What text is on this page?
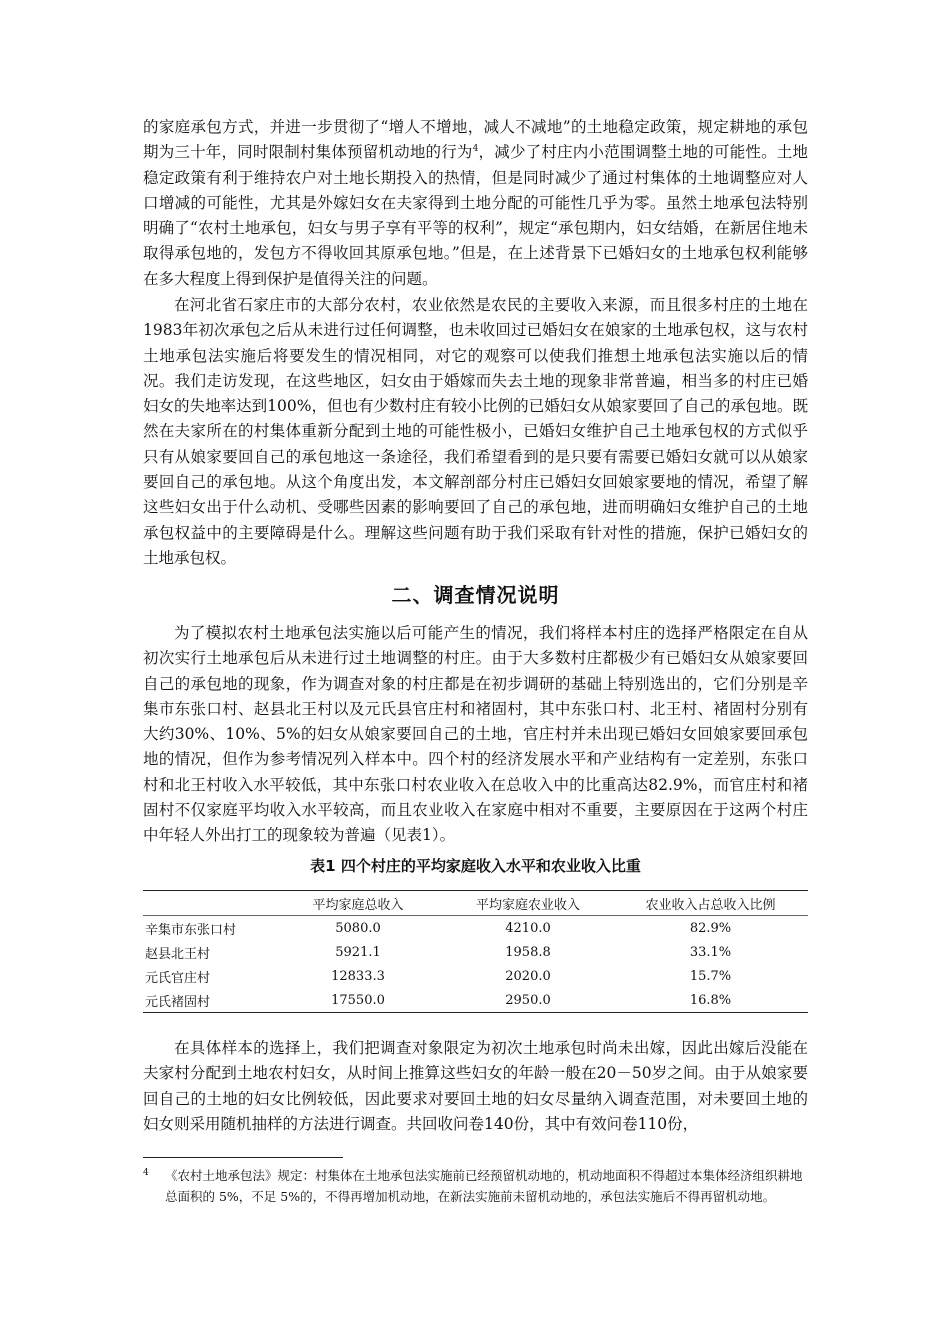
的家庭承包方式，并进一步贯彻了“增人不增地，减人不减地”的土地稳定政策，规定耕地的承包期为三十年，同时限制村集体预留机动地的行为$^4$，减少了村庄内小范围调整土地的可能性。土地稳定政策有利于维持农户对土地长期投入的热情，但是同时减少了通过村集体的土地调整应对人口增减的可能性，尤其是外嫁妇女在夫家得到土地分配的可能性几乎为零。虽然土地承包法特别明确了“农村土地承包，妇女与男子享有平等的权利”，规定“承包期内，妇女结婚，在新居住地未取得承包地的，发包方不得收回其原承包地。”但是，在上述背景下已婚妇女的土地承包权利能够在多大程度上得到保护是值得关注的问题。

在河北省石家庄市的大部分农村，农业依然是农民的主要收入来源，而且很多村庄的土地在1983年初次承包之后从未进行过任何调整，也未收回过已婚妇女在娘家的土地承包权，这与农村土地承包法实施后将要发生的情况相同，对它的观察可以使我们推想土地承包法实施以后的情况。我们走访发现，在这些地区，妇女由于婚嫁而失去土地的现象非常普遍，相当多的村庄已婚妇女的失地率达到100%，但也有少数村庄有较小比例的已婚妇女从娘家要回了自己的承包地。既然在夫家所在的村集体重新分配到土地的可能性极小，已婚妇女维护自己土地承包权的方式似乎只有从娘家要回自己的承包地这一条途径，我们希望看到的是只要有需要已婚妇女就可以从娘家要回自己的承包地。从这个角度出发，本文解剖部分村庄已婚妇女回娘家要地的情况，希望了解这些妇女出于什么动机、受哪些因素的影响要回了自己的承包地，进而明确妇女维护自己的土地承包权益中的主要障碍是什么。理解这些问题有助于我们采取有针对性的措施，保护已婚妇女的土地承包权。

二、调查情况说明

为了模拟农村土地承包法实施以后可能产生的情况，我们将样本村庄的选择严格限定在自从初次实行土地承包后从未进行过土地调整的村庄。由于大多数村庄都极少有已婚妇女从娘家要回自己的承包地的现象，作为调查对象的村庄都是在初步调研的基础上特别选出的，它们分别是辛集市东张口村、赵县北王村以及元氏县官庄村和褚固村，其中东张口村、北王村、褚固村分别有大约30%、10%、5%的妇女从娘家要回自己的土地，官庄村并未出现已婚妇女回娘家要回承包地的情况，但作为参考情况列入样本中。四个村的经济发展水平和产业结构有一定差别，东张口村和北王村收入水平较低，其中东张口村农业收入在总收入中的比重高达82.9%，而官庄村和褚固村不仅家庭平均收入水平较高，而且农业收入在家庭中相对不重要，主要原因在于这两个村庄中年轻人外出打工的现象较为普遍（见表1）。

表1 四个村庄的平均家庭收入水平和农业收入比重
	平均家庭总收入	平均家庭农业收入	农业收入占总收入比例
辛集市东张口村	5080.0	4210.0	82.9%
赵县北王村	5921.1	1958.8	33.1%
元氏官庄村	12833.3	2020.0	15.7%
元氏褚固村	17550.0	2950.0	16.8%

在具体样本的选择上，我们把调查对象限定为初次土地承包时尚未出嫁，因此出嫁后没能在夫家村分配到土地农村妇女，从时间上推算这些妇女的年龄一般在20－50岁之间。由于从娘家要回自己的土地的妇女比例较低，因此要求对要回土地的妇女尽量纳入调查范围，对未要回土地的妇女则采用随机抽样的方法进行调查。共回收问卷140份，其中有效问卷110份，

4 《农村土地承包法》规定：村集体在土地承包法实施前已经预留机动地的，机动地面积不得超过本集体经济组织耕地总面积的 5%，不足 5%的，不得再增加机动地，在新法实施前未留机动地的，承包法实施后不得再留机动地。
